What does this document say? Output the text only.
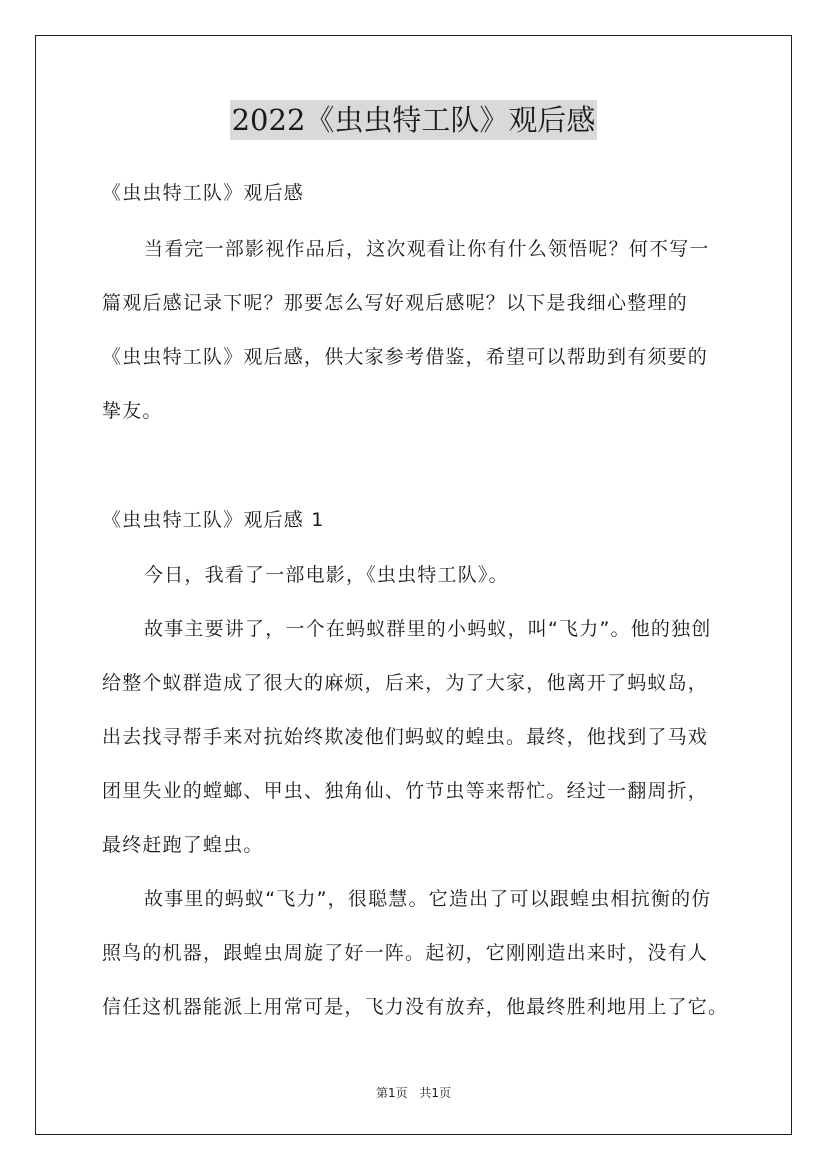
2022《虫虫特工队》观后感
《虫虫特工队》观后感
当看完一部影视作品后，这次观看让你有什么领悟呢？何不写一
篇观后感记录下呢？那要怎么写好观后感呢？以下是我细心整理的
《虫虫特工队》观后感，供大家参考借鉴，希望可以帮助到有须要的
挚友。
《虫虫特工队》观后感 1
今日，我看了一部电影，《虫虫特工队》。
故事主要讲了，一个在蚂蚁群里的小蚂蚁，叫“飞力”。他的独创
给整个蚁群造成了很大的麻烦，后来，为了大家，他离开了蚂蚁岛，
出去找寻帮手来对抗始终欺凌他们蚂蚁的蝗虫。最终，他找到了马戏
团里失业的螳螂、甲虫、独角仙、竹节虫等来帮忙。经过一翻周折，
最终赶跑了蝗虫。
故事里的蚂蚁“飞力”，很聪慧。它造出了可以跟蝗虫相抗衡的仿
照鸟的机器，跟蝗虫周旋了好一阵。起初，它刚刚造出来时，没有人
信任这机器能派上用常可是，飞力没有放弃，他最终胜利地用上了它。
第1页 共1页
